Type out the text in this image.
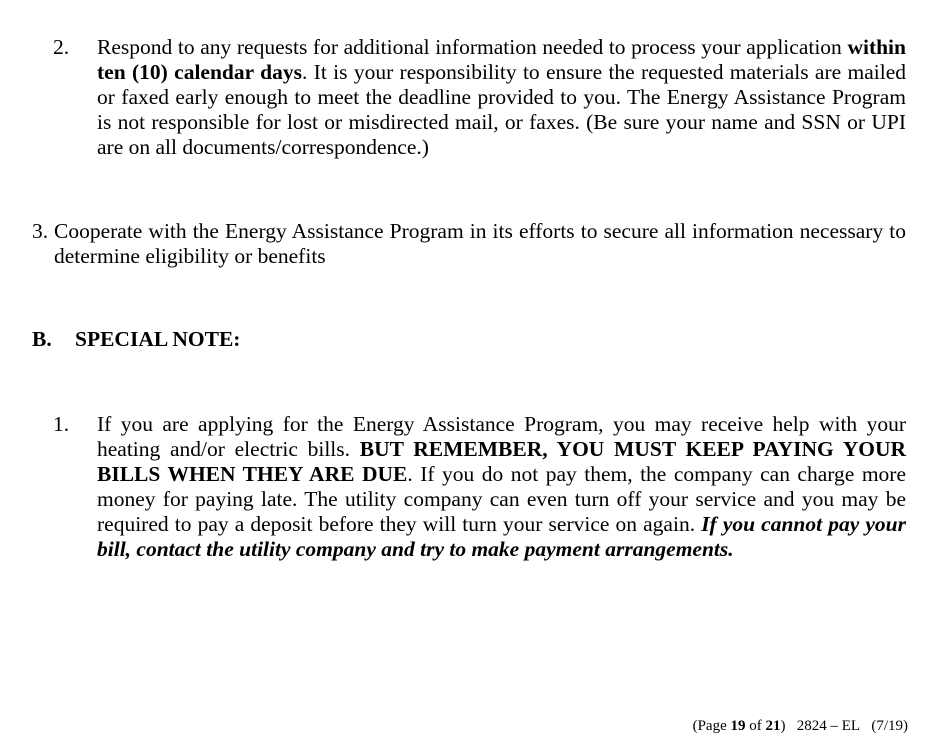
2. Respond to any requests for additional information needed to process your application within ten (10) calendar days. It is your responsibility to ensure the requested materials are mailed or faxed early enough to meet the deadline provided to you. The Energy Assistance Program is not responsible for lost or misdirected mail, or faxes. (Be sure your name and SSN or UPI are on all documents/correspondence.)
3. Cooperate with the Energy Assistance Program in its efforts to secure all information necessary to determine eligibility or benefits
B. SPECIAL NOTE:
1. If you are applying for the Energy Assistance Program, you may receive help with your heating and/or electric bills. BUT REMEMBER, YOU MUST KEEP PAYING YOUR BILLS WHEN THEY ARE DUE. If you do not pay them, the company can charge more money for paying late. The utility company can even turn off your service and you may be required to pay a deposit before they will turn your service on again. If you cannot pay your bill, contact the utility company and try to make payment arrangements.
(Page 19 of 21) 2824 – EL (7/19)
